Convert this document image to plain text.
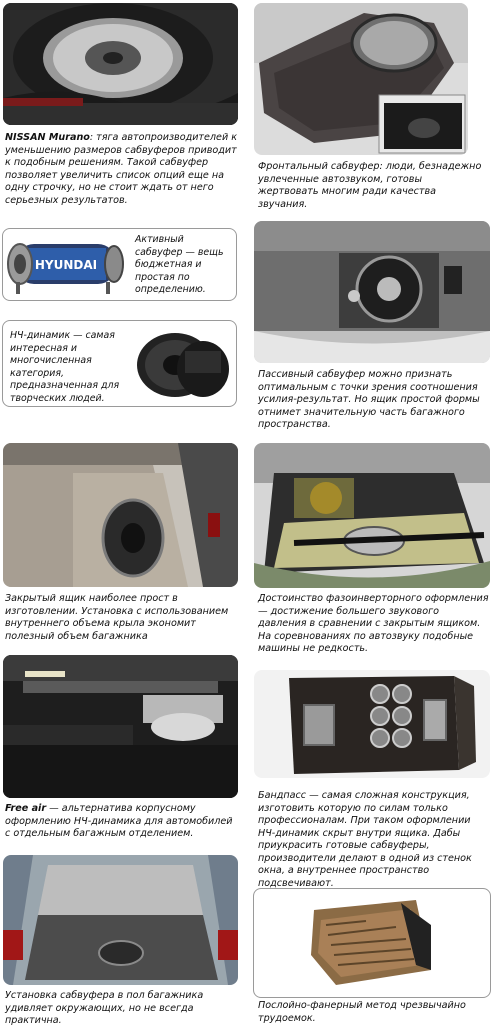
NISSAN Murano: тяга автопроизводителей к уменьшению размеров сабвуферов приводит к подобным решениям. Такой сабвуфер позволяет увеличить список опций еще на одну строчку, но не стоит ждать от него серьезных результатов.

Фронтальный сабвуфер: люди, безнадежно увлеченные автозвуком, готовы жертвовать многим ради качества звучания.

HYUNDAI

Активный сабвуфер — вещь бюджетная и простая по определению.

НЧ-динамик — самая интересная и многочисленная категория, предназначенная для творческих людей.

Пассивный сабвуфер можно признать оптимальным с точки зрения соотношения усилия-результат. Но ящик простой формы отнимет значительную часть багажного пространства.

Закрытый ящик наиболее прост в изготовлении. Установка с использованием внутреннего объема крыла экономит полезный объем багажника

Достоинство фазоинверторного оформления — достижение большего звукового давления в сравнении с закрытым ящиком. На соревнованиях по автозвуку подобные машины не редкость.

Free air — альтернатива корпусному оформлению НЧ-динамика для автомобилей с отдельным багажным отделением.

Бандпасс — самая сложная конструкция, изготовить которую по силам только профессионалам. При таком оформлении НЧ-динамик скрыт внутри ящика. Дабы приукрасить готовые сабвуферы, производители делают в одной из стенок окна, а внутреннее пространство подсвечивают.

Установка сабвуфера в пол багажника удивляет окружающих, но не всегда практична.

Послойно-фанерный метод чрезвычайно трудоемок.
